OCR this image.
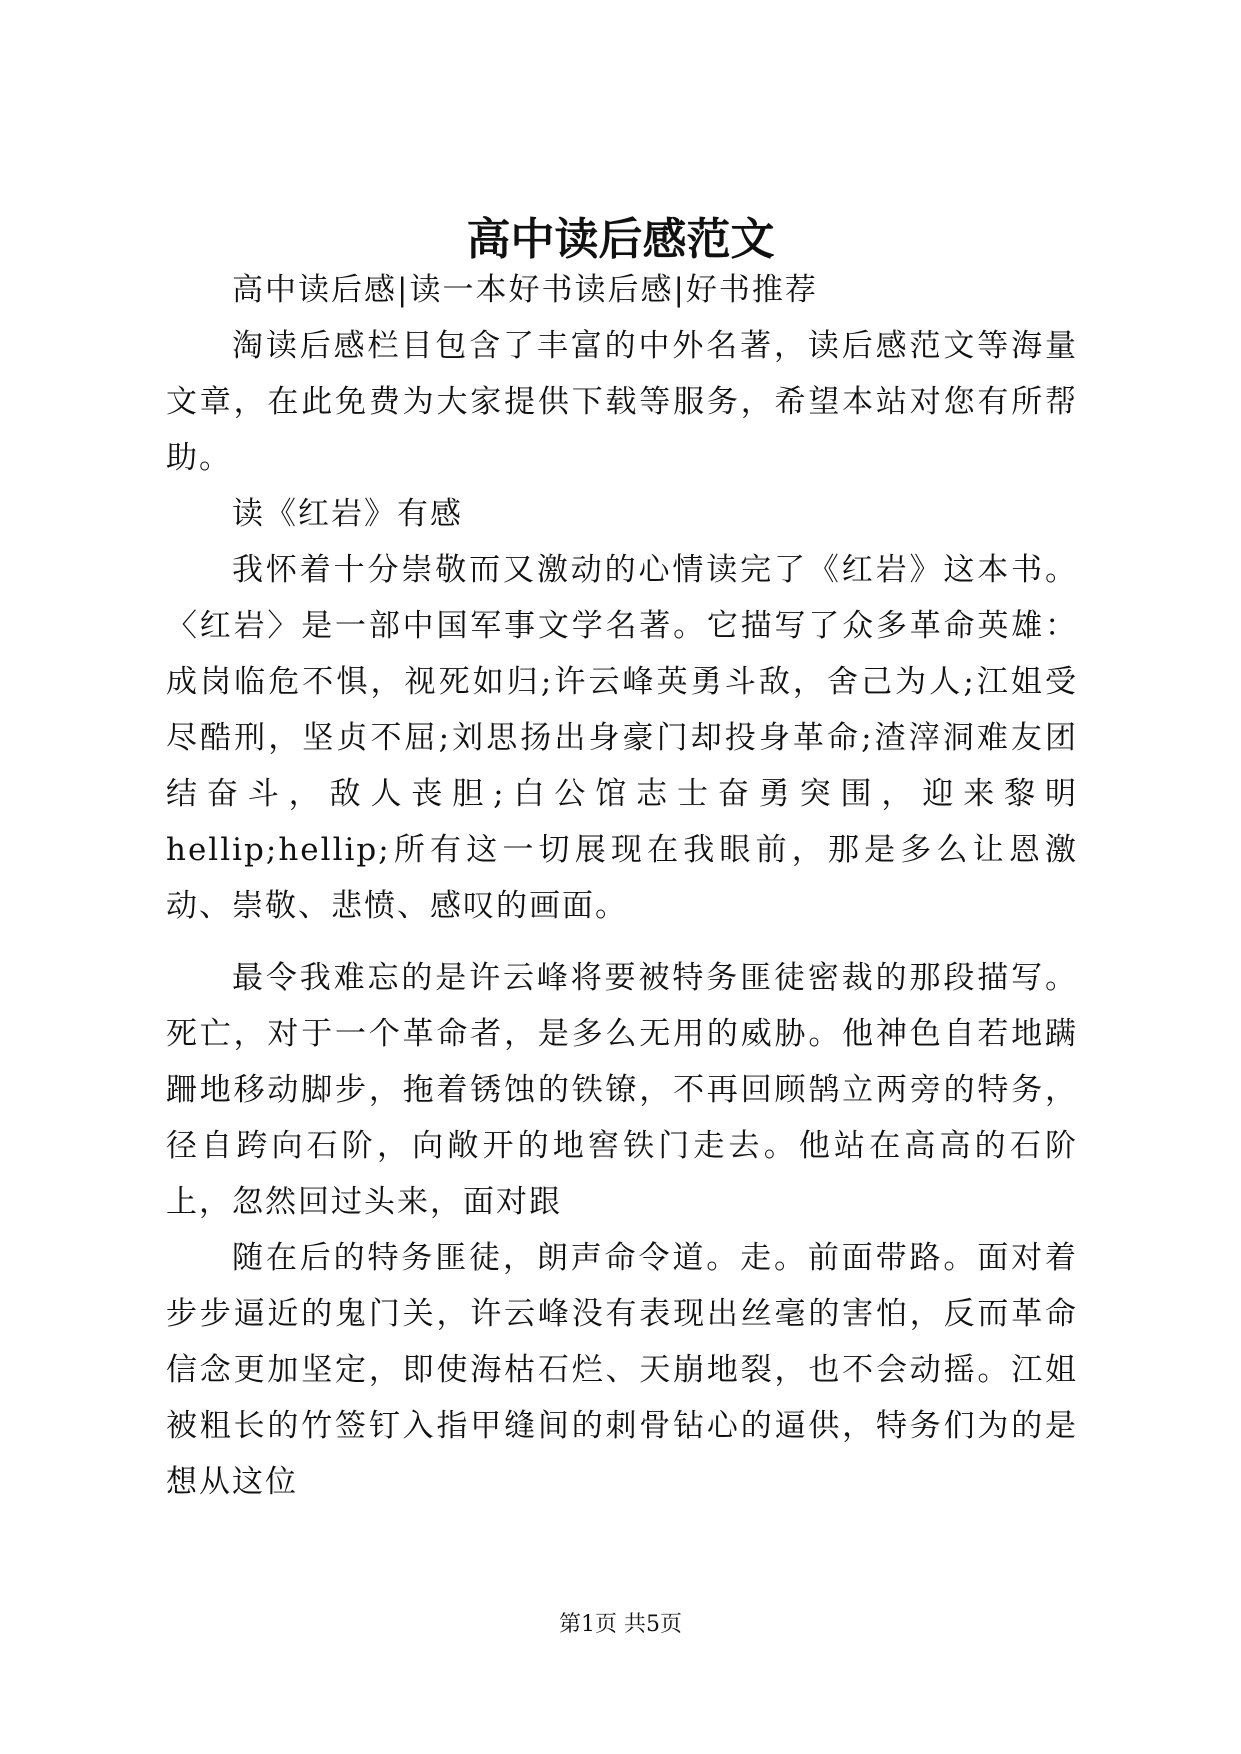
高中读后感范文

高中读后感|读一本好书读后感|好书推荐

淘读后感栏目包含了丰富的中外名著，读后感范文等海量文章，在此免费为大家提供下载等服务，希望本站对您有所帮助。

读《红岩》有感

我怀着十分崇敬而又激动的心情读完了《红岩》这本书。〈红岩〉是一部中国军事文学名著。它描写了众多革命英雄：成岗临危不惧，视死如归;许云峰英勇斗敌，舍己为人;江姐受尽酷刑，坚贞不屈;刘思扬出身豪门却投身革命;渣滓洞难友团结奋斗，敌人丧胆;白公馆志士奋勇突围，迎来黎明hellip;hellip;所有这一切展现在我眼前，那是多么让恩激动、崇敬、悲愤、感叹的画面。

最令我难忘的是许云峰将要被特务匪徒密裁的那段描写。死亡，对于一个革命者，是多么无用的威胁。他神色自若地蹒跚地移动脚步，拖着锈蚀的铁镣，不再回顾鹄立两旁的特务，径自跨向石阶，向敞开的地窖铁门走去。他站在高高的石阶上，忽然回过头来，面对跟

随在后的特务匪徒，朗声命令道。走。前面带路。面对着步步逼近的鬼门关，许云峰没有表现出丝毫的害怕，反而革命信念更加坚定，即使海枯石烂、天崩地裂，也不会动摇。江姐被粗长的竹签钉入指甲缝间的刺骨钻心的逼供，特务们为的是想从这位

第1页 共5页
